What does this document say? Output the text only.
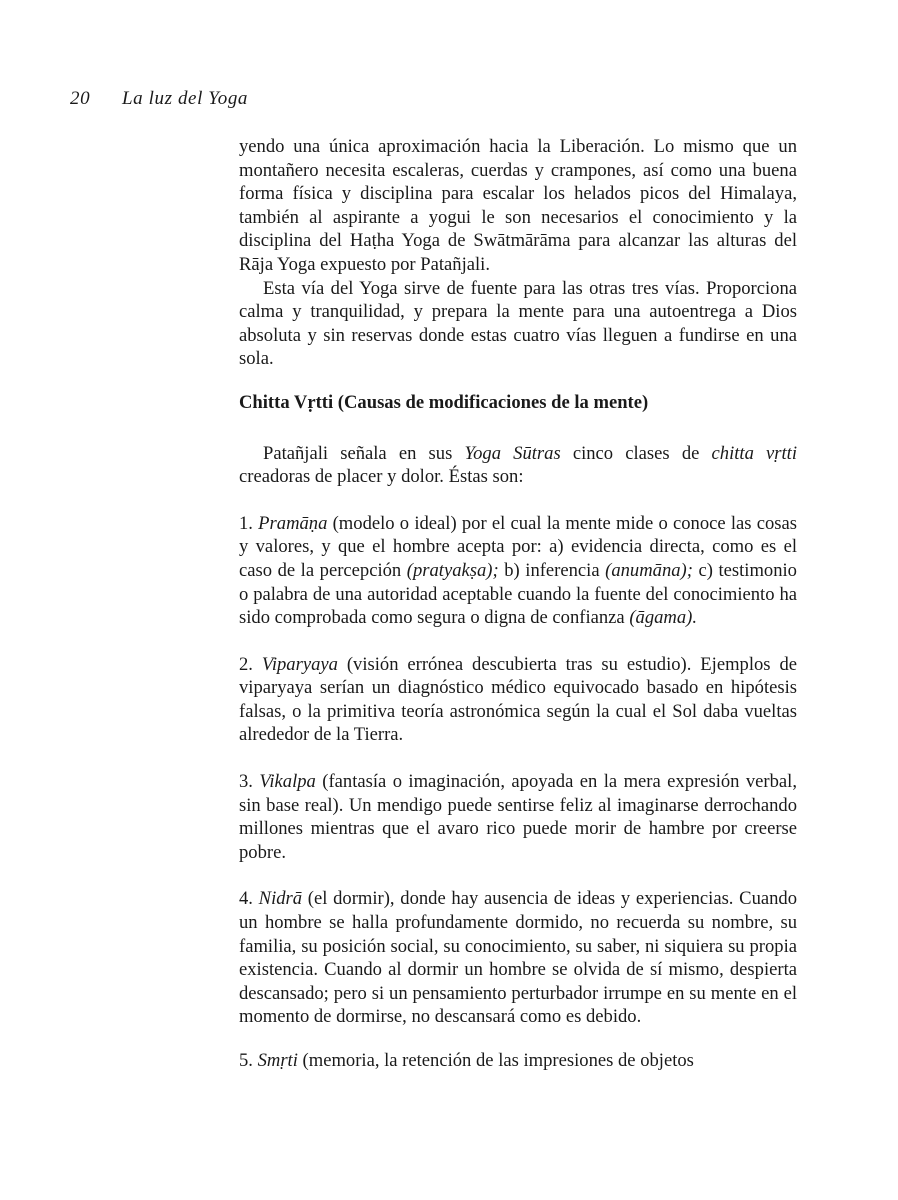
20 La luz del Yoga

yendo una única aproximación hacia la Liberación. Lo mismo que un montañero necesita escaleras, cuerdas y crampones, así como una buena forma física y disciplina para escalar los helados picos del Himalaya, también al aspirante a yogui le son necesarios el conocimiento y la disciplina del Haṭha Yoga de Swātmārāma para alcanzar las alturas del Rāja Yoga expuesto por Patañjali.

Esta vía del Yoga sirve de fuente para las otras tres vías. Proporciona calma y tranquilidad, y prepara la mente para una autoentrega a Dios absoluta y sin reservas donde estas cuatro vías lleguen a fundirse en una sola.

Chitta Vṛtti (Causas de modificaciones de la mente)

Patañjali señala en sus Yoga Sūtras cinco clases de chitta vṛtti creadoras de placer y dolor. Éstas son:

1. Pramāṇa (modelo o ideal) por el cual la mente mide o conoce las cosas y valores, y que el hombre acepta por: a) evidencia directa, como es el caso de la percepción (pratyakṣa); b) inferencia (anumāna); c) testimonio o palabra de una autoridad aceptable cuando la fuente del conocimiento ha sido comprobada como segura o digna de confianza (āgama).

2. Viparyaya (visión errónea descubierta tras su estudio). Ejemplos de viparyaya serían un diagnóstico médico equivocado basado en hipótesis falsas, o la primitiva teoría astronómica según la cual el Sol daba vueltas alrededor de la Tierra.

3. Vikalpa (fantasía o imaginación, apoyada en la mera expresión verbal, sin base real). Un mendigo puede sentirse feliz al imaginarse derrochando millones mientras que el avaro rico puede morir de hambre por creerse pobre.

4. Nidrā (el dormir), donde hay ausencia de ideas y experiencias. Cuando un hombre se halla profundamente dormido, no recuerda su nombre, su familia, su posición social, su conocimiento, su saber, ni siquiera su propia existencia. Cuando al dormir un hombre se olvida de sí mismo, despierta descansado; pero si un pensamiento perturbador irrumpe en su mente en el momento de dormirse, no descansará como es debido.

5. Smṛti (memoria, la retención de las impresiones de objetos
